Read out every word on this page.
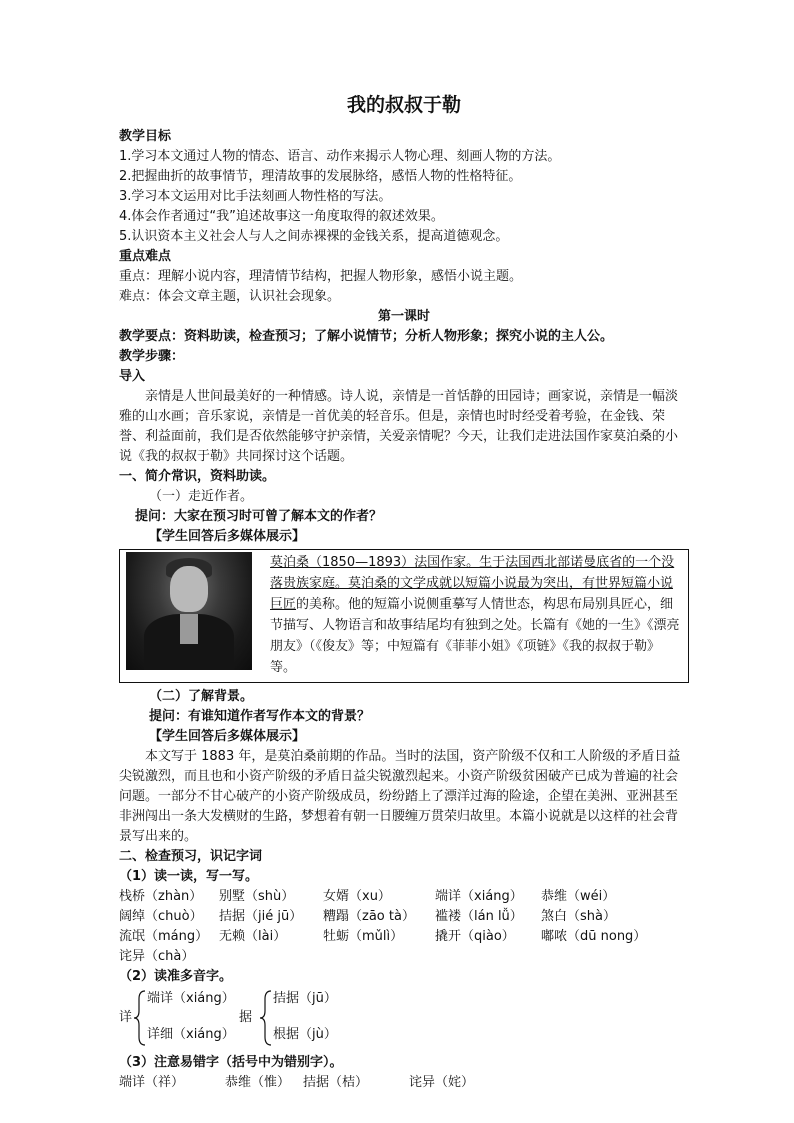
我的叔叔于勒
教学目标
1.学习本文通过人物的情态、语言、动作来揭示人物心理、刻画人物的方法。
2.把握曲折的故事情节，理清故事的发展脉络，感悟人物的性格特征。
3.学习本文运用对比手法刻画人物性格的写法。
4.体会作者通过“我”追述故事这一角度取得的叙述效果。
5.认识资本主义社会人与人之间赤裸裸的金钱关系，提高道德观念。
重点难点
重点：理解小说内容，理清情节结构，把握人物形象，感悟小说主题。
难点：体会文章主题，认识社会现象。
第一课时
教学要点：资料助读，检查预习；了解小说情节；分析人物形象；探究小说的主人公。
教学步骤：
导入
亲情是人世间最美好的一种情感。诗人说，亲情是一首恬静的田园诗；画家说，亲情是一幅淡雅的山水画；音乐家说，亲情是一首优美的轻音乐。但是，亲情也时时经受着考验，在金钱、荣誉、利益面前，我们是否依然能够守护亲情，关爱亲情呢？今天，让我们走进法国作家莫泊桑的小说《我的叔叔于勒》共同探讨这个话题。
一、简介常识，资料助读。
（一）走近作者。
提问：大家在预习时可曾了解本文的作者？
【学生回答后多媒体展示】
莫泊桑（1850—1893）法国作家。生于法国西北部诺曼底省的一个没落贵族家庭。莫泊桑的文学成就以短篇小说最为突出，有世界短篇小说巨匠的美称。他的短篇小说侧重摹写人情世态，构思布局别具匠心，细节描写、人物语言和故事结尾均有独到之处。长篇有《她的一生》《漂亮朋友》（《俊友》等；中短篇有《菲菲小姐》《项链》《我的叔叔于勒》等。
（二）了解背景。
提问：有谁知道作者写作本文的背景？
【学生回答后多媒体展示】
本文写于 1883 年，是莫泊桑前期的作品。当时的法国，资产阶级不仅和工人阶级的矛盾日益尖锐激烈，而且也和小资产阶级的矛盾日益尖锐激烈起来。小资产阶级贫困破产已成为普遍的社会问题。一部分不甘心破产的小资产阶级成员，纷纷踏上了漂洋过海的险途，企望在美洲、亚洲甚至非洲闯出一条大发横财的生路，梦想着有朝一日腰缠万贯荣归故里。本篇小说就是以这样的社会背景写出来的。
二、检查预习，识记字词
（1）读一读，写一写。
栈桥（zhàn）	别墅（shù）	女婿（xu）	端详（xiáng）	恭维（wéi）
阔绰（chuò）	拮据（jié jū）	糟蹋（zāo tà）	褴褛（lán lǚ）	煞白（shà）
流氓（máng） 无赖（lài）	牡蛎（mǔlì）	撬开（qiào）	嘟哝（dū nong）
诧异（chà）
（2）读准多音字。
详
端详（xiáng）
详细（xiáng）
据
拮据（jū）
根据（jù）
（3）注意易错字（括号中为错别字）。
端详（祥）	恭维（惟） 拮据（桔）	诧异（姹）
